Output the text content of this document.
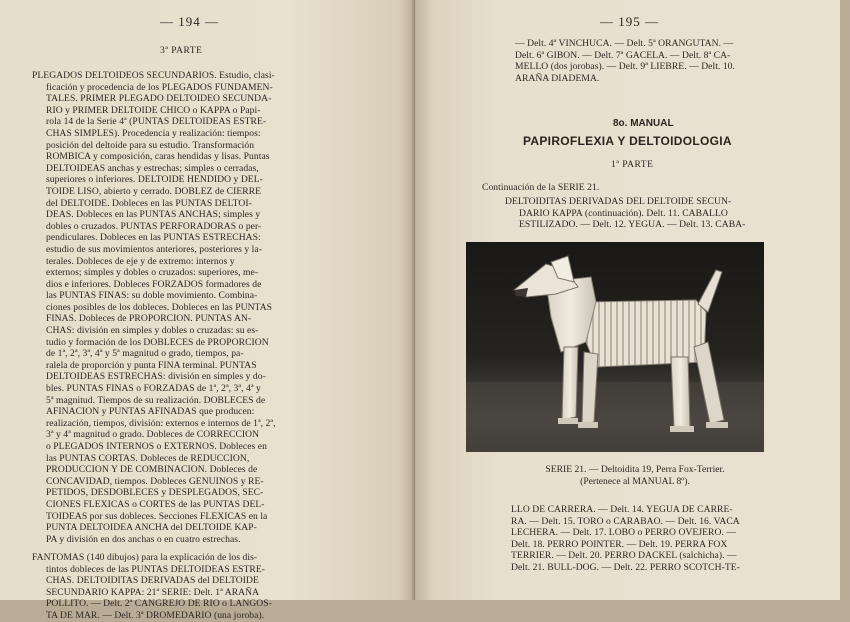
— 194 —
3ª PARTE
PLEGADOS DELTOIDEOS SECUNDARIOS. Estudio, clasi-
ficación y procedencia de los PLEGADOS FUNDAMEN-
TALES. PRIMER PLEGADO DELTOIDEO SECUNDA-
RIO y PRIMER DELTOIDE CHICO o KAPPA o Papi-
rola 14 de la Serie 4ª (PUNTAS DELTOIDEAS ESTRE-
CHAS SIMPLES). Procedencia y realización: tiempos:
posición del deltoide para su estudio. Transformación
ROMBICA y composición, caras hendidas y lisas. Puntas
DELTOIDEAS anchas y estrechas; simples o cerradas,
superiores o inferiores. DELTOIDE HENDIDO y DEL-
TOIDE LISO, abierto y cerrado. DOBLEZ de CIERRE
del DELTOIDE. Dobleces en las PUNTAS DELTOI-
DEAS. Dobleces en las PUNTAS ANCHAS; simples y
dobles o cruzados. PUNTAS PERFORADORAS o per-
pendiculares. Dobleces en las PUNTAS ESTRECHAS:
estudio de sus movimientos anteriores, posteriores y la-
terales. Dobleces de eje y de extremo: internos y
externos; simples y dobles o cruzados: superiores, me-
dios e inferiores. Dobleces FORZADOS formadores de
las PUNTAS FINAS: su doble movimiento. Combina-
ciones posibles de los dobleces. Dobleces en las PUNTAS
FINAS. Dobleces de PROPORCION. PUNTAS AN-
CHAS: división en simples y dobles o cruzadas: su es-
tudio y formación de los DOBLECES de PROPORCION
de 1ª, 2ª, 3ª, 4ª y 5ª magnitud o grado, tiempos, pa-
ralela de proporción y punta FINA terminal. PUNTAS
DELTOIDEAS ESTRECHAS: división en simples y do-
bles. PUNTAS FINAS o FORZADAS de 1ª, 2ª, 3ª, 4ª y
5ª magnitud. Tiempos de su realización. DOBLECES de
AFINACION y PUNTAS AFINADAS que producen:
realización, tiempos, división: externos e internos de 1ª, 2ª,
3ª y 4ª magnitud o grado. Dobleces de CORRECCION
o PLEGADOS INTERNOS o EXTERNOS. Dobleces en
las PUNTAS CORTAS. Dobleces de REDUCCION,
PRODUCCION Y DE COMBINACION. Dobleces de
CONCAVIDAD, tiempos. Dobleces GENUINOS y RE-
PETIDOS, DESDOBLECES y DESPLEGADOS, SEC-
CIONES FLEXICAS o CORTES de las PUNTAS DEL-
TOIDEAS por sus dobleces. Secciones FLEXICAS en la
PUNTA DELTOIDEA ANCHA del DELTOIDE KAP-
PA y división en dos anchas o en cuatro estrechas.
FANTOMAS (140 dibujos) para la explicación de los dis-
tintos dobleces de las PUNTAS DELTOIDEAS ESTRE-
CHAS. DELTOIDITAS DERIVADAS del DELTOIDE
SECUNDARIO KAPPA: 21ª SERIE: Delt. 1ª ARAÑA
POLLITO. — Delt. 2ª CANGREJO DE RIO o LANGOS-
TA DE MAR. — Delt. 3ª DROMEDARIO (una joroba).
— 195 —
— Delt. 4ª VINCHUCA. — Delt. 5ª ORANGUTAN. —
Delt. 6ª GIBON. — Delt. 7ª GACELA. — Delt. 8ª CA-
MELLO (dos jorobas). — Delt. 9ª LIEBRE. — Delt. 10.
ARAÑA DIADEMA.
8o. MANUAL
PAPIROFLEXIA Y DELTOIDOLOGIA
1ª PARTE
Continuación de la SERIE 21.
DELTOIDITAS DERIVADAS DEL DELTOIDE SECUN-
DARIO KAPPA (continuación). Delt. 11. CABALLO
ESTILIZADO. — Delt. 12. YEGUA. — Delt. 13. CABA-
SERIE 21. — Deltoidita 19, Perra Fox-Terrier.
(Pertenece al MANUAL 8º).
LLO DE CARRERA. — Delt. 14. YEGUA DE CARRE-
RA. — Delt. 15. TORO o CARABAO. — Delt. 16. VACA
LECHERA. — Delt. 17. LOBO o PERRO OVEJERO. —
Delt. 18. PERRO POINTER. — Delt. 19. PERRA FOX
TERRIER. — Delt. 20. PERRO DACKEL (salchicha). —
Delt. 21. BULL-DOG. — Delt. 22. PERRO SCOTCH-TE-
